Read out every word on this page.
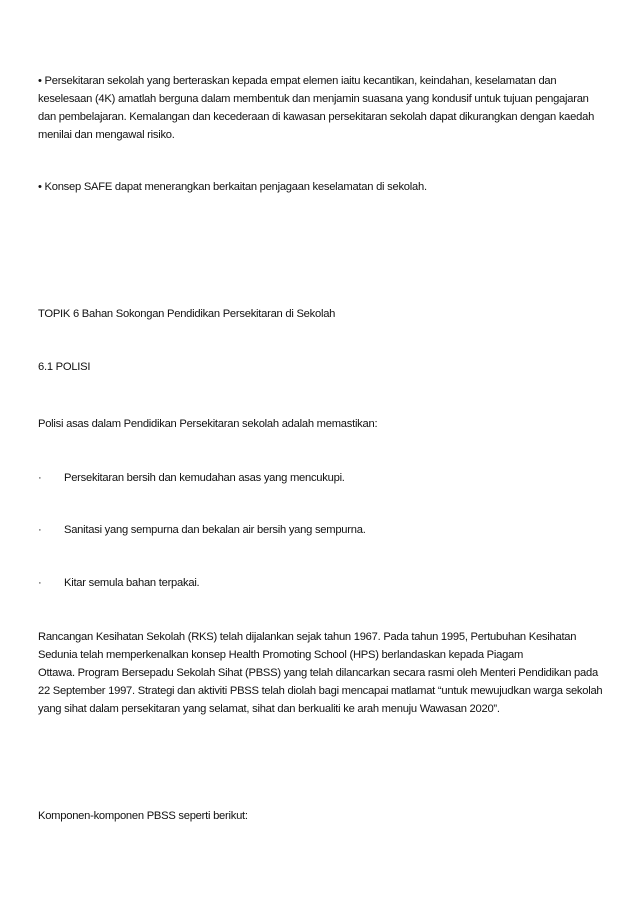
• Persekitaran sekolah yang berteraskan kepada empat elemen iaitu kecantikan, keindahan, keselamatan dan keselesaan (4K) amatlah berguna dalam membentuk dan menjamin suasana yang kondusif untuk tujuan pengajaran dan pembelajaran. Kemalangan dan kecederaan di kawasan persekitaran sekolah dapat dikurangkan dengan kaedah menilai dan mengawal risiko.

• Konsep SAFE dapat menerangkan berkaitan penjagaan keselamatan di sekolah.

TOPIK 6 Bahan Sokongan Pendidikan Persekitaran di Sekolah

6.1 POLISI

Polisi asas dalam Pendidikan Persekitaran sekolah adalah memastikan:

· Persekitaran bersih dan kemudahan asas yang mencukupi.
· Sanitasi yang sempurna dan bekalan air bersih yang sempurna.
· Kitar semula bahan terpakai.

Rancangan Kesihatan Sekolah (RKS) telah dijalankan sejak tahun 1967. Pada tahun 1995, Pertubuhan Kesihatan Sedunia telah memperkenalkan konsep Health Promoting School (HPS) berlandaskan kepada Piagam

Ottawa. Program Bersepadu Sekolah Sihat (PBSS) yang telah dilancarkan secara rasmi oleh Menteri Pendidikan pada 22 September 1997. Strategi dan aktiviti PBSS telah diolah bagi mencapai matlamat “untuk mewujudkan warga sekolah yang sihat dalam persekitaran yang selamat, sihat dan berkualiti ke arah menuju Wawasan 2020”.

Komponen-komponen PBSS seperti berikut:
